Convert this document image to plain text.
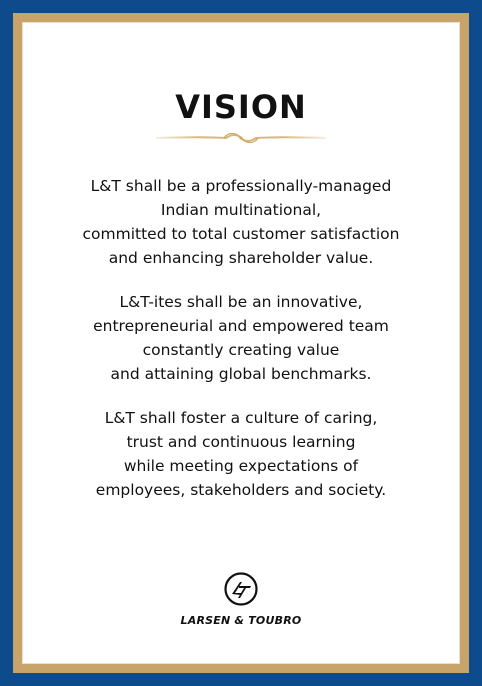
VISION

L&T shall be a professionally-managed
Indian multinational,
committed to total customer satisfaction
and enhancing shareholder value.

L&T-ites shall be an innovative,
entrepreneurial and empowered team
constantly creating value
and attaining global benchmarks.

L&T shall foster a culture of caring,
trust and continuous learning
while meeting expectations of
employees, stakeholders and society.

LARSEN & TOUBRO
